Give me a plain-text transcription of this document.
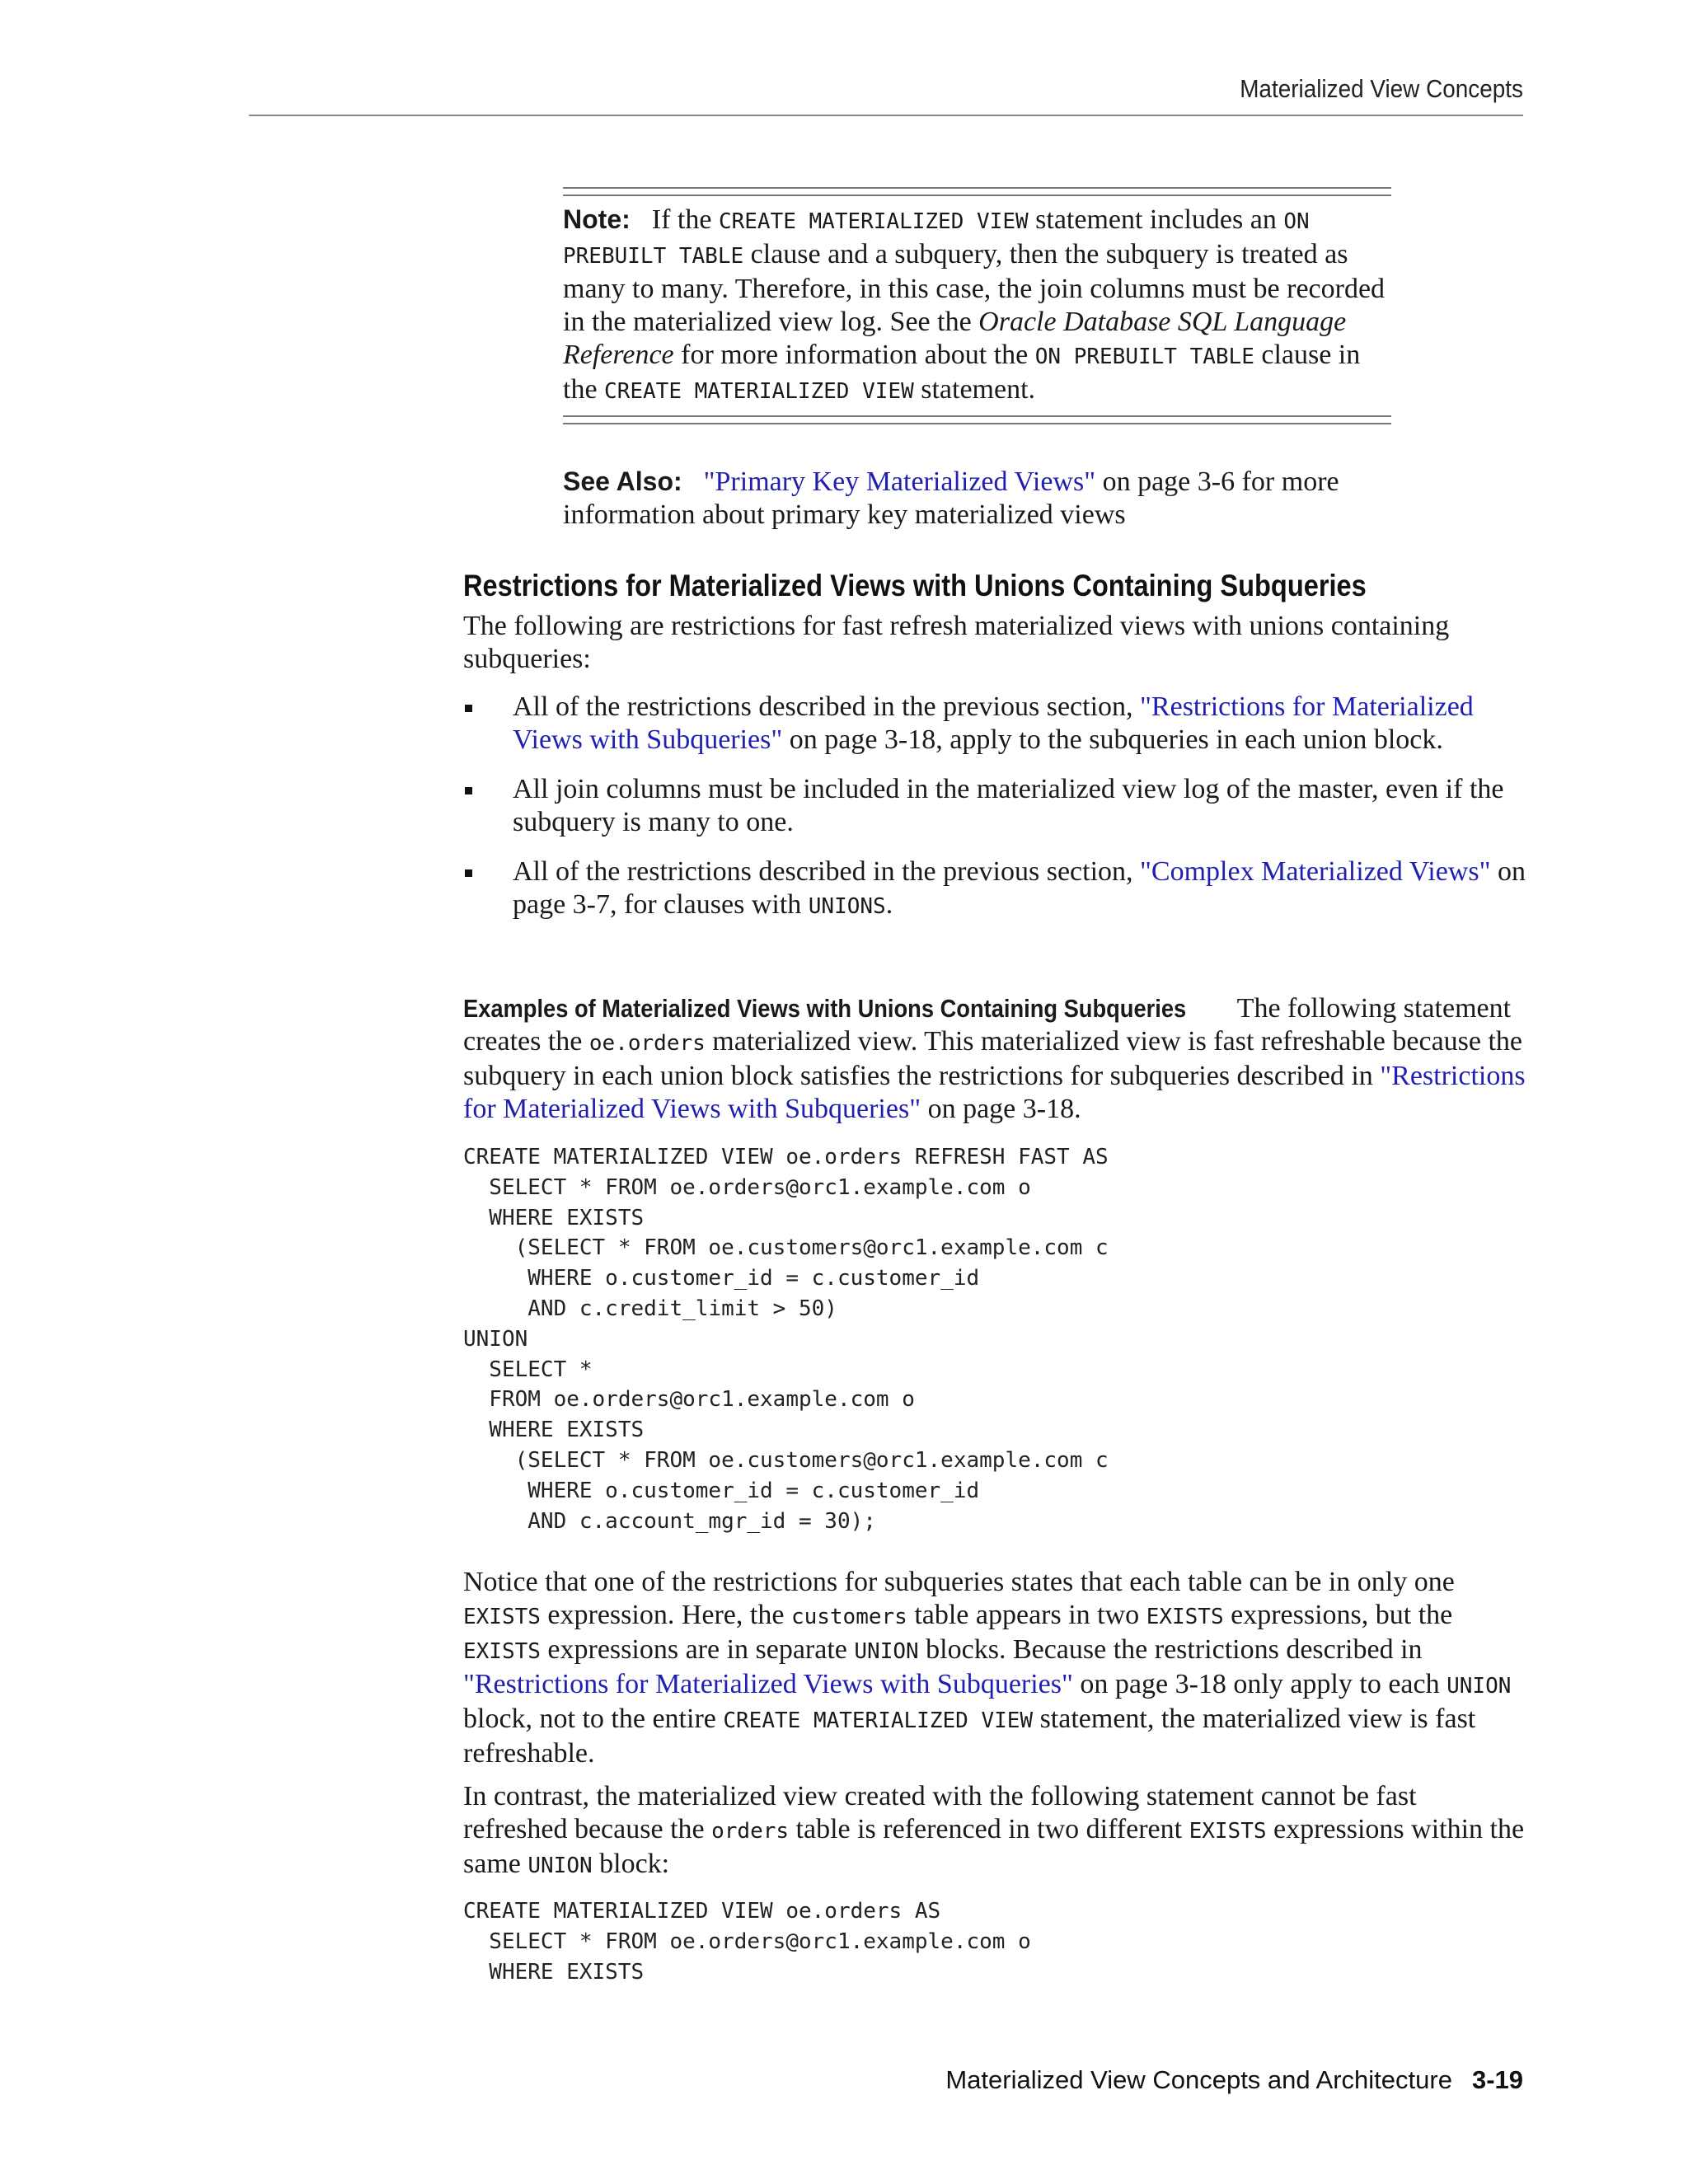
Materialized View Concepts
Note: If the CREATE MATERIALIZED VIEW statement includes an ON PREBUILT TABLE clause and a subquery, then the subquery is treated as many to many. Therefore, in this case, the join columns must be recorded in the materialized view log. See the Oracle Database SQL Language Reference for more information about the ON PREBUILT TABLE clause in the CREATE MATERIALIZED VIEW statement.
See Also: "Primary Key Materialized Views" on page 3-6 for more information about primary key materialized views
Restrictions for Materialized Views with Unions Containing Subqueries

The following are restrictions for fast refresh materialized views with unions containing subqueries:

All of the restrictions described in the previous section, "Restrictions for Materialized Views with Subqueries" on page 3-18, apply to the subqueries in each union block.
All join columns must be included in the materialized view log of the master, even if the subquery is many to one.
All of the restrictions described in the previous section, "Complex Materialized Views" on page 3-7, for clauses with UNIONS.

Examples of Materialized Views with Unions Containing Subqueries The following statement creates the oe.orders materialized view. This materialized view is fast refreshable because the subquery in each union block satisfies the restrictions for subqueries described in "Restrictions for Materialized Views with Subqueries" on page 3-18.

CREATE MATERIALIZED VIEW oe.orders REFRESH FAST AS
SELECT * FROM oe.orders@orc1.example.com o
WHERE EXISTS
(SELECT * FROM oe.customers@orc1.example.com c
WHERE o.customer_id = c.customer_id
AND c.credit_limit > 50)
UNION
SELECT *
FROM oe.orders@orc1.example.com o
WHERE EXISTS
(SELECT * FROM oe.customers@orc1.example.com c
WHERE o.customer_id = c.customer_id
AND c.account_mgr_id = 30);

Notice that one of the restrictions for subqueries states that each table can be in only one EXISTS expression. Here, the customers table appears in two EXISTS expressions, but the EXISTS expressions are in separate UNION blocks. Because the restrictions described in "Restrictions for Materialized Views with Subqueries" on page 3-18 only apply to each UNION block, not to the entire CREATE MATERIALIZED VIEW statement, the materialized view is fast refreshable.

In contrast, the materialized view created with the following statement cannot be fast refreshed because the orders table is referenced in two different EXISTS expressions within the same UNION block:

CREATE MATERIALIZED VIEW oe.orders AS
SELECT * FROM oe.orders@orc1.example.com o
WHERE EXISTS
Materialized View Concepts and Architecture 3-19
